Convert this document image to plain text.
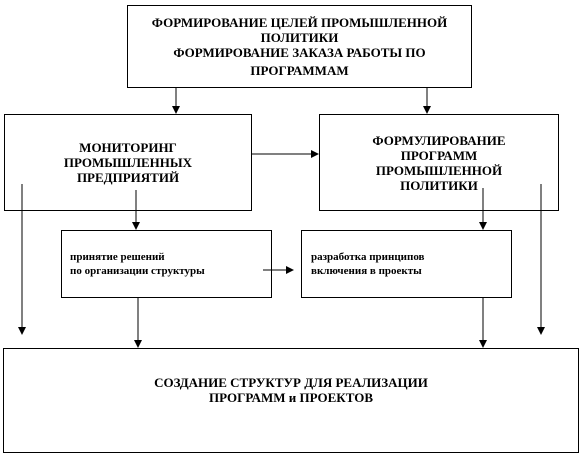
ФОРМИРОВАНИЕ ЦЕЛЕЙ ПРОМЫШЛЕННОЙ
ПОЛИТИКИ
ФОРМИРОВАНИЕ ЗАКАЗА РАБОТЫ ПО
ПРОГРАММАМ
МОНИТОРИНГ
ПРОМЫШЛЕННЫХ
ПРЕДПРИЯТИЙ
ФОРМУЛИРОВАНИЕ
ПРОГРАММ
ПРОМЫШЛЕННОЙ
ПОЛИТИКИ
принятие решений
по организации структуры
разработка принципов
включения в проекты
СОЗДАНИЕ СТРУКТУР ДЛЯ РЕАЛИЗАЦИИ
ПРОГРАММ и ПРОЕКТОВ
